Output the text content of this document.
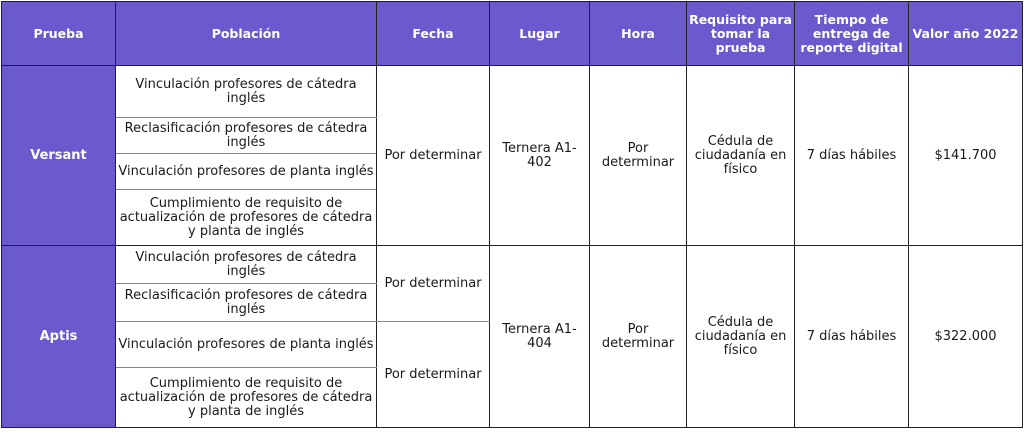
Prueba	Población	Fecha	Lugar	Hora	Requisito para tomar la prueba	Tiempo de entrega de reporte digital	Valor año 2022
Versant	Vinculación profesores de cátedra inglés	Por determinar	Ternera A1-402	Por determinar	Cédula de ciudadanía en físico	7 días hábiles	$141.700
	Reclasificación profesores de cátedra inglés						
	Vinculación profesores de planta inglés						
	Cumplimiento de requisito de actualización de profesores de cátedra y planta de inglés						
Aptis	Vinculación profesores de cátedra inglés	Por determinar	Ternera A1-404	Por determinar	Cédula de ciudadanía en físico	7 días hábiles	$322.000
	Reclasificación profesores de cátedra inglés						
	Vinculación profesores de planta inglés	Por determinar					
	Cumplimiento de requisito de actualización de profesores de cátedra y planta de inglés						
